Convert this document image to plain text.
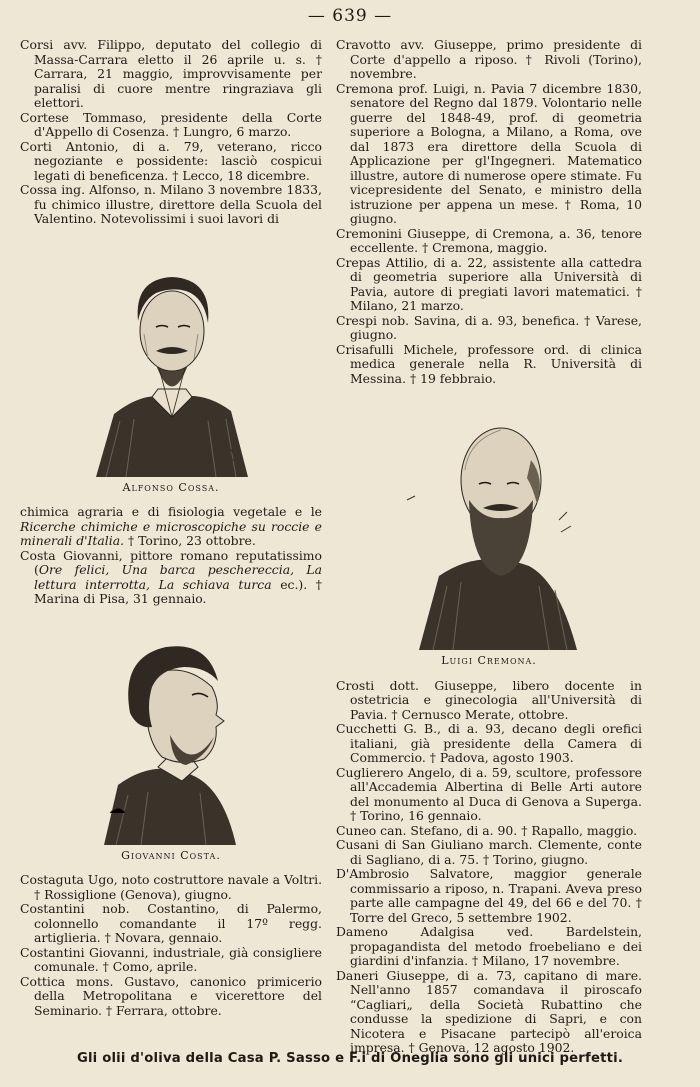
— 639 —

Corsi avv. Filippo, deputato del collegio di Massa-Carrara eletto il 26 aprile u. s. † Carrara, 21 maggio, improvvisamente per paralisi di cuore mentre ringraziava gli elettori.

Cortese Tommaso, presidente della Corte d'Appello di Cosenza. † Lungro, 6 marzo.

Corti Antonio, di a. 79, veterano, ricco negoziante e possidente: lasciò cospicui legati di beneficenza. † Lecco, 18 dicembre.

Cossa ing. Alfonso, n. Milano 3 novembre 1833, fu chimico illustre, direttore della Scuola del Valentino. Notevolissimi i suoi lavori di

Alfonso Cossa.

chimica agraria e di fisiologia vegetale e le Ricerche chimiche e microscopiche su roccie e minerali d'Italia. † Torino, 23 ottobre.

Costa Giovanni, pittore romano reputatissimo (Ore felici, Una barca peschereccia, La lettura interrotta, La schiava turca ec.). † Marina di Pisa, 31 gennaio.

Giovanni Costa.

Costaguta Ugo, noto costruttore navale a Voltri. † Rossiglione (Genova), giugno.

Costantini nob. Costantino, di Palermo, colonnello comandante il 17º regg. artiglieria. † Novara, gennaio.

Costantini Giovanni, industriale, già consigliere comunale. † Como, aprile.

Cottica mons. Gustavo, canonico primicerio della Metropolitana e vicerettore del Seminario. † Ferrara, ottobre.

Cravotto avv. Giuseppe, primo presidente di Corte d'appello a riposo. † Rivoli (Torino), novembre.

Cremona prof. Luigi, n. Pavia 7 dicembre 1830, senatore del Regno dal 1879. Volontario nelle guerre del 1848-49, prof. di geometria superiore a Bologna, a Milano, a Roma, ove dal 1873 era direttore della Scuola di Applicazione per gl'Ingegneri. Matematico illustre, autore di numerose opere stimate. Fu vicepresidente del Senato, e ministro della istruzione per appena un mese. † Roma, 10 giugno.

Cremonini Giuseppe, di Cremona, a. 36, tenore eccellente. † Cremona, maggio.

Crepas Attilio, di a. 22, assistente alla cattedra di geometria superiore alla Università di Pavia, autore di pregiati lavori matematici. † Milano, 21 marzo.

Crespi nob. Savina, di a. 93, benefica. † Varese, giugno.

Crisafulli Michele, professore ord. di clinica medica generale nella R. Università di Messina. † 19 febbraio.

Luigi Cremona.

Crosti dott. Giuseppe, libero docente in ostetricia e ginecologia all'Università di Pavia. † Cernusco Merate, ottobre.

Cucchetti G. B., di a. 93, decano degli orefici italiani, già presidente della Camera di Commercio. † Padova, agosto 1903.

Cuglierero Angelo, di a. 59, scultore, professore all'Accademia Albertina di Belle Arti autore del monumento al Duca di Genova a Superga. † Torino, 16 gennaio.

Cuneo can. Stefano, di a. 90. † Rapallo, maggio.

Cusani di San Giuliano march. Clemente, conte di Sagliano, di a. 75. † Torino, giugno.

D'Ambrosio Salvatore, maggior generale commissario a riposo, n. Trapani. Aveva preso parte alle campagne del 49, del 66 e del 70. † Torre del Greco, 5 settembre 1902.

Dameno Adalgisa ved. Bardelstein, propagandista del metodo froebeliano e dei giardini d'infanzia. † Milano, 17 novembre.

Daneri Giuseppe, di a. 73, capitano di mare. Nell'anno 1857 comandava il piroscafo “Cagliari„ della Società Rubattino che condusse la spedizione di Sapri, e con Nicotera e Pisacane partecipò all'eroica impresa. † Genova, 12 agosto 1902.

Gli olii d'oliva della Casa P. Sasso e F.i di Oneglia sono gli unici perfetti.
